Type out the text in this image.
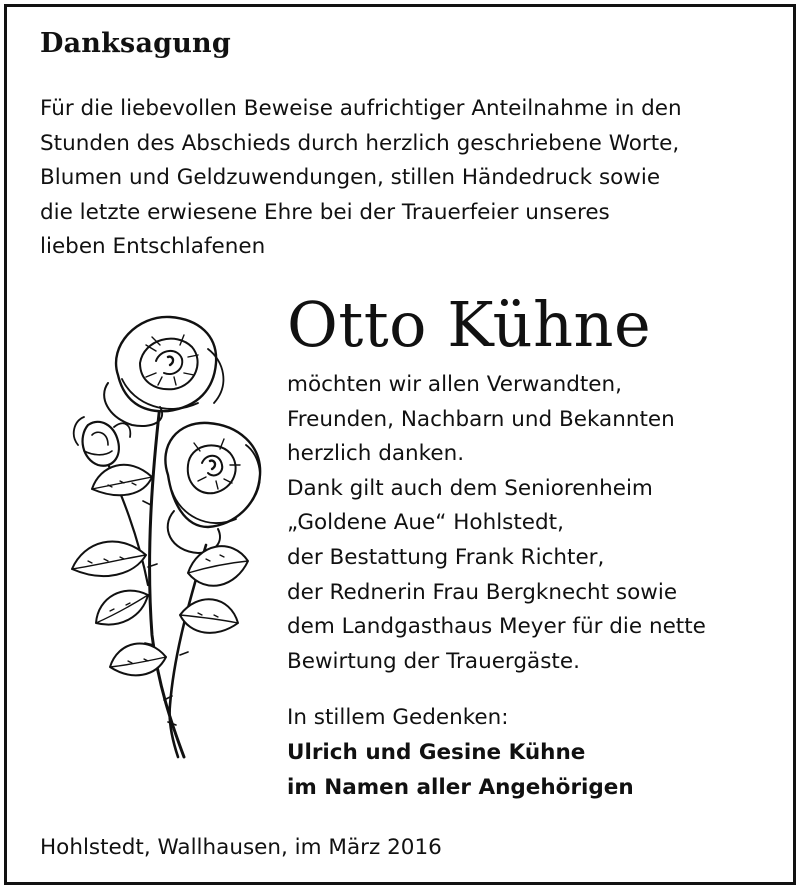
Danksagung
Für die liebevollen Beweise aufrichtiger Anteilnahme in den
Stunden des Abschieds durch herzlich geschriebene Worte,
Blumen und Geldzuwendungen, stillen Händedruck sowie
die letzte erwiesene Ehre bei der Trauerfeier unseres
lieben Entschlafenen
Otto Kühne
möchten wir allen Verwandten,
Freunden, Nachbarn und Bekannten
herzlich danken.
Dank gilt auch dem Seniorenheim
„Goldene Aue“ Hohlstedt,
der Bestattung Frank Richter,
der Rednerin Frau Bergknecht sowie
dem Landgasthaus Meyer für die nette
Bewirtung der Trauergäste.
In stillem Gedenken:
Ulrich und Gesine Kühne
im Namen aller Angehörigen
Hohlstedt, Wallhausen, im März 2016
